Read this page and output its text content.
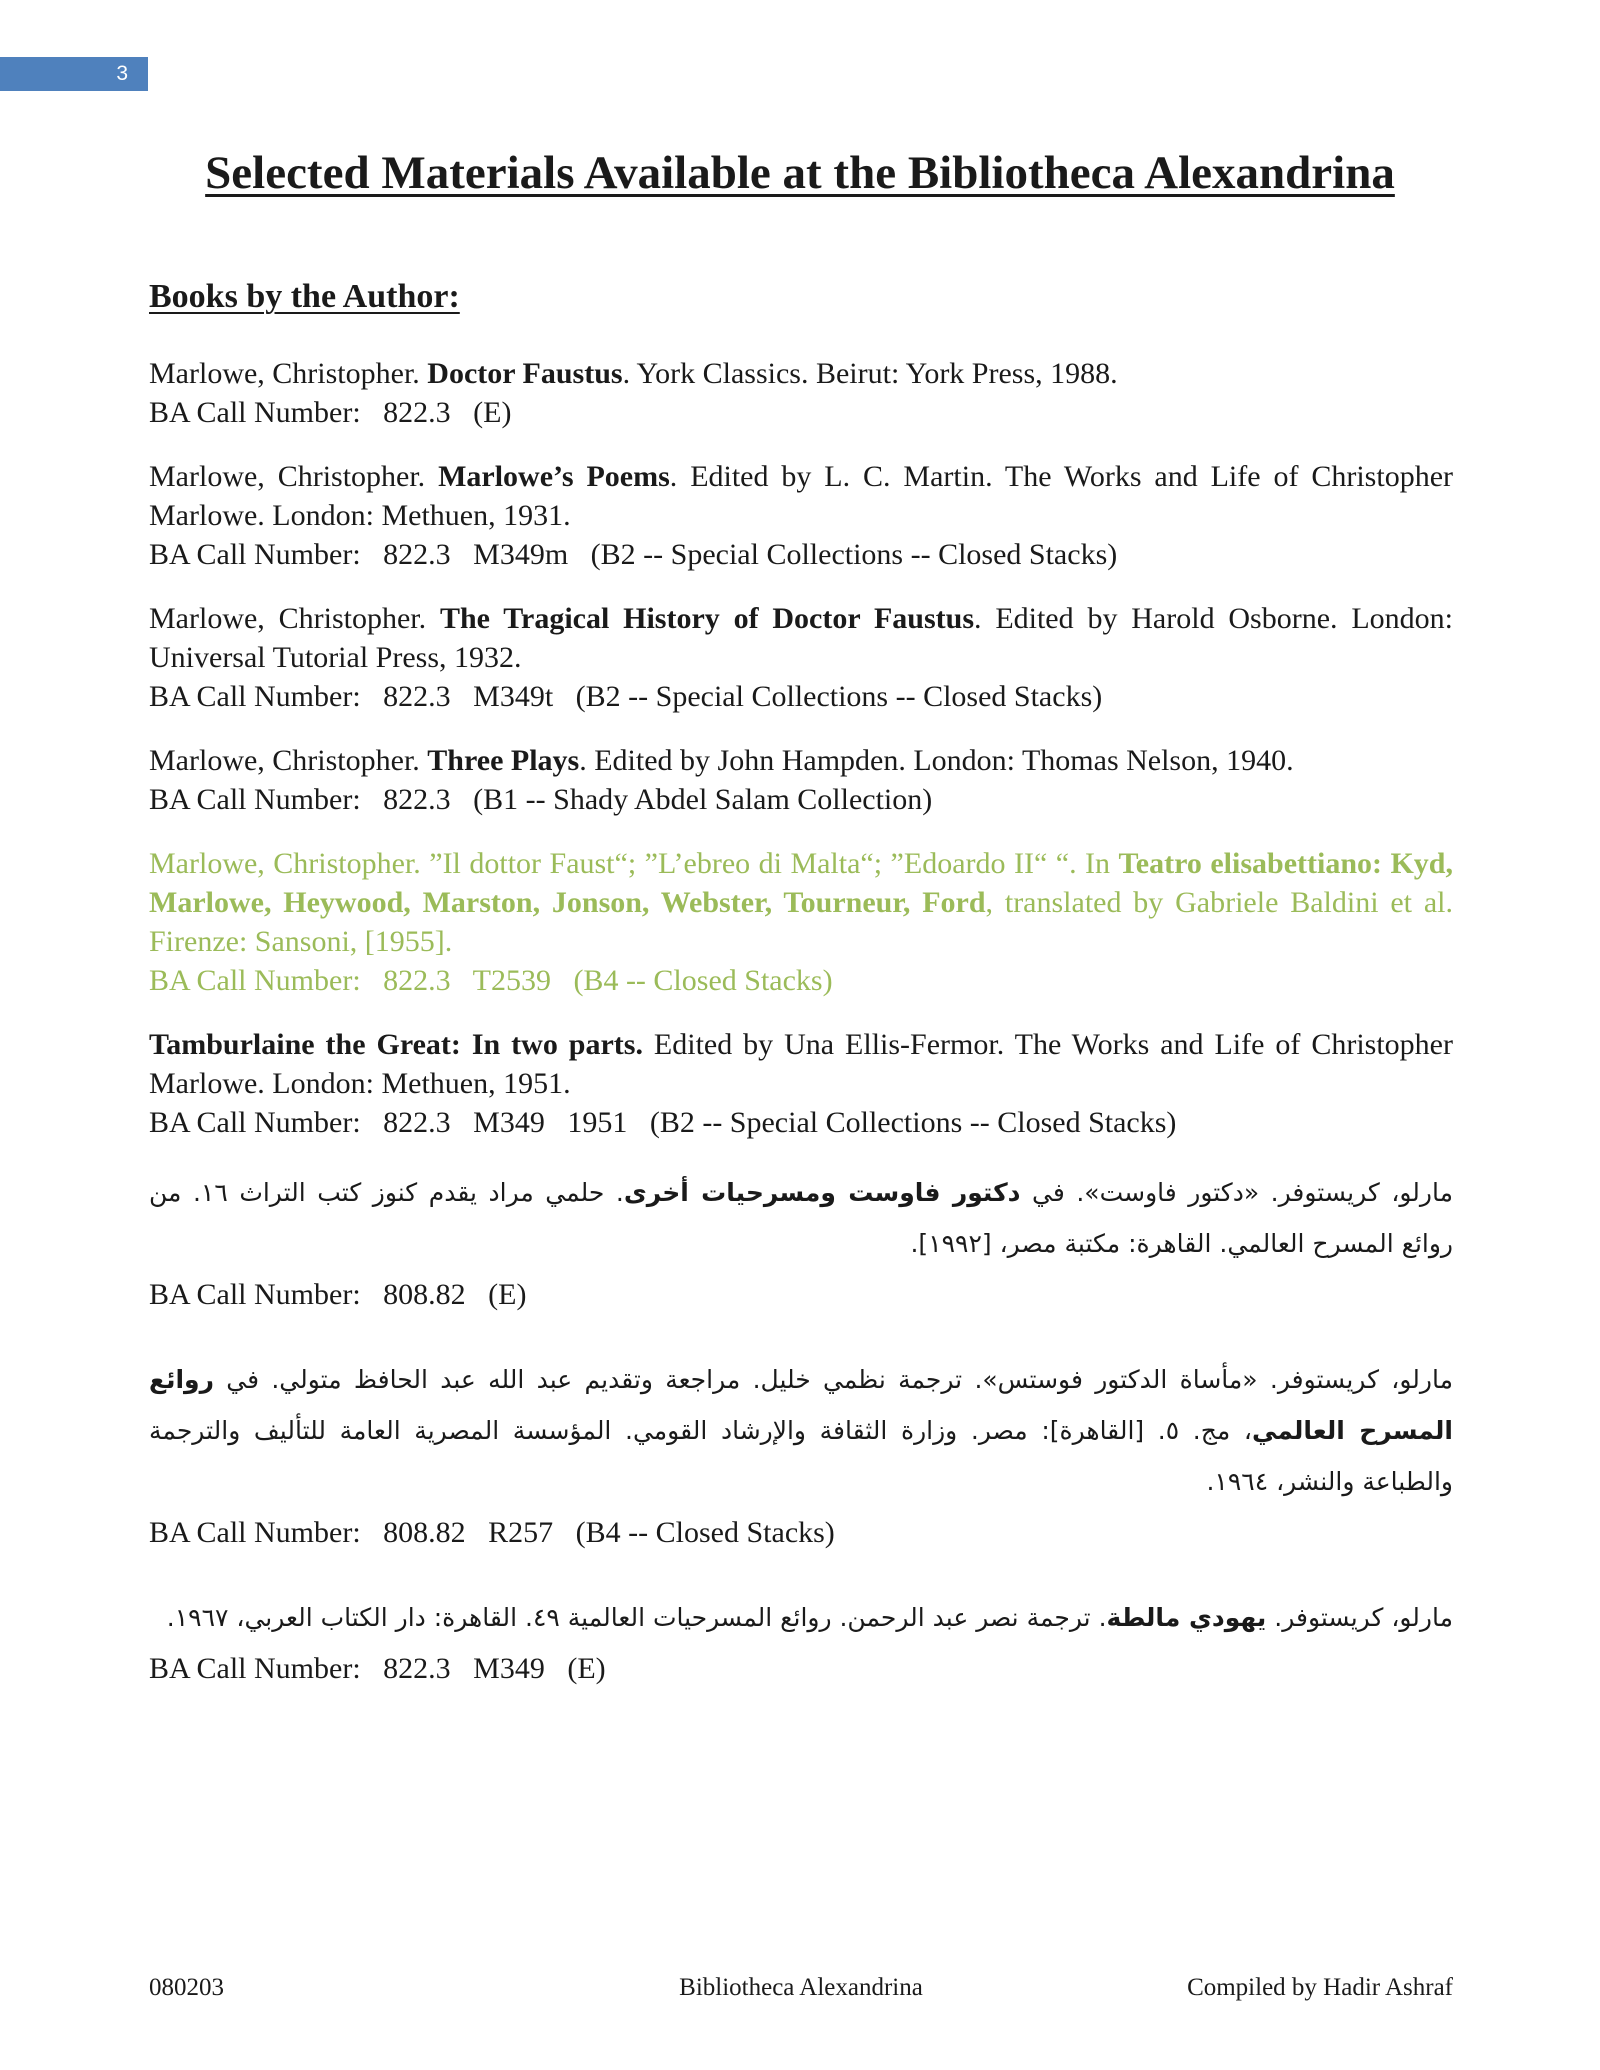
3
Selected Materials Available at the Bibliotheca Alexandrina
Books by the Author:
Marlowe, Christopher. Doctor Faustus. York Classics. Beirut: York Press, 1988.
BA Call Number:   822.3   (E)
Marlowe, Christopher. Marlowe’s Poems. Edited by L. C. Martin. The Works and Life of Christopher Marlowe. London: Methuen, 1931.
BA Call Number:   822.3   M349m   (B2 -- Special Collections -- Closed Stacks)
Marlowe, Christopher. The Tragical History of Doctor Faustus. Edited by Harold Osborne. London: Universal Tutorial Press, 1932.
BA Call Number:   822.3   M349t   (B2 -- Special Collections -- Closed Stacks)
Marlowe, Christopher. Three Plays. Edited by John Hampden. London: Thomas Nelson, 1940.
BA Call Number:   822.3   (B1 -- Shady Abdel Salam Collection)
Marlowe, Christopher. ”Il dottor Faust“; ”L’ebreo di Malta“; ”Edoardo II“ “. In Teatro elisabettiano: Kyd, Marlowe, Heywood, Marston, Jonson, Webster, Tourneur, Ford, translated by Gabriele Baldini et al. Firenze: Sansoni, [1955].
BA Call Number:   822.3   T2539   (B4 -- Closed Stacks)
Tamburlaine the Great: In two parts. Edited by Una Ellis-Fermor. The Works and Life of Christopher Marlowe. London: Methuen, 1951.
BA Call Number:   822.3   M349   1951   (B2 -- Special Collections -- Closed Stacks)
مارلو، كريستوفر. «دكتور فاوست». في دكتور فاوست ومسرحيات أخرى. حلمي مراد يقدم كنوز كتب التراث ١٦. من روائع المسرح العالمي. القاهرة: مكتبة مصر، [١٩٩٢].
BA Call Number:   808.82   (E)
مارلو، كريستوفر. «مأساة الدكتور فوستس». ترجمة نظمي خليل. مراجعة وتقديم عبد الله عبد الحافظ متولي. في روائع المسرح العالمي، مج. ٥. [القاهرة]: مصر. وزارة الثقافة والإرشاد القومي. المؤسسة المصرية العامة للتأليف والترجمة والطباعة والنشر، ١٩٦٤.
BA Call Number:   808.82   R257   (B4 -- Closed Stacks)
مارلو، كريستوفر. يهودي مالطة. ترجمة نصر عبد الرحمن. روائع المسرحيات العالمية ٤٩. القاهرة: دار الكتاب العربي، ١٩٦٧.
BA Call Number:   822.3   M349   (E)
080203	Bibliotheca Alexandrina	Compiled by Hadir Ashraf
